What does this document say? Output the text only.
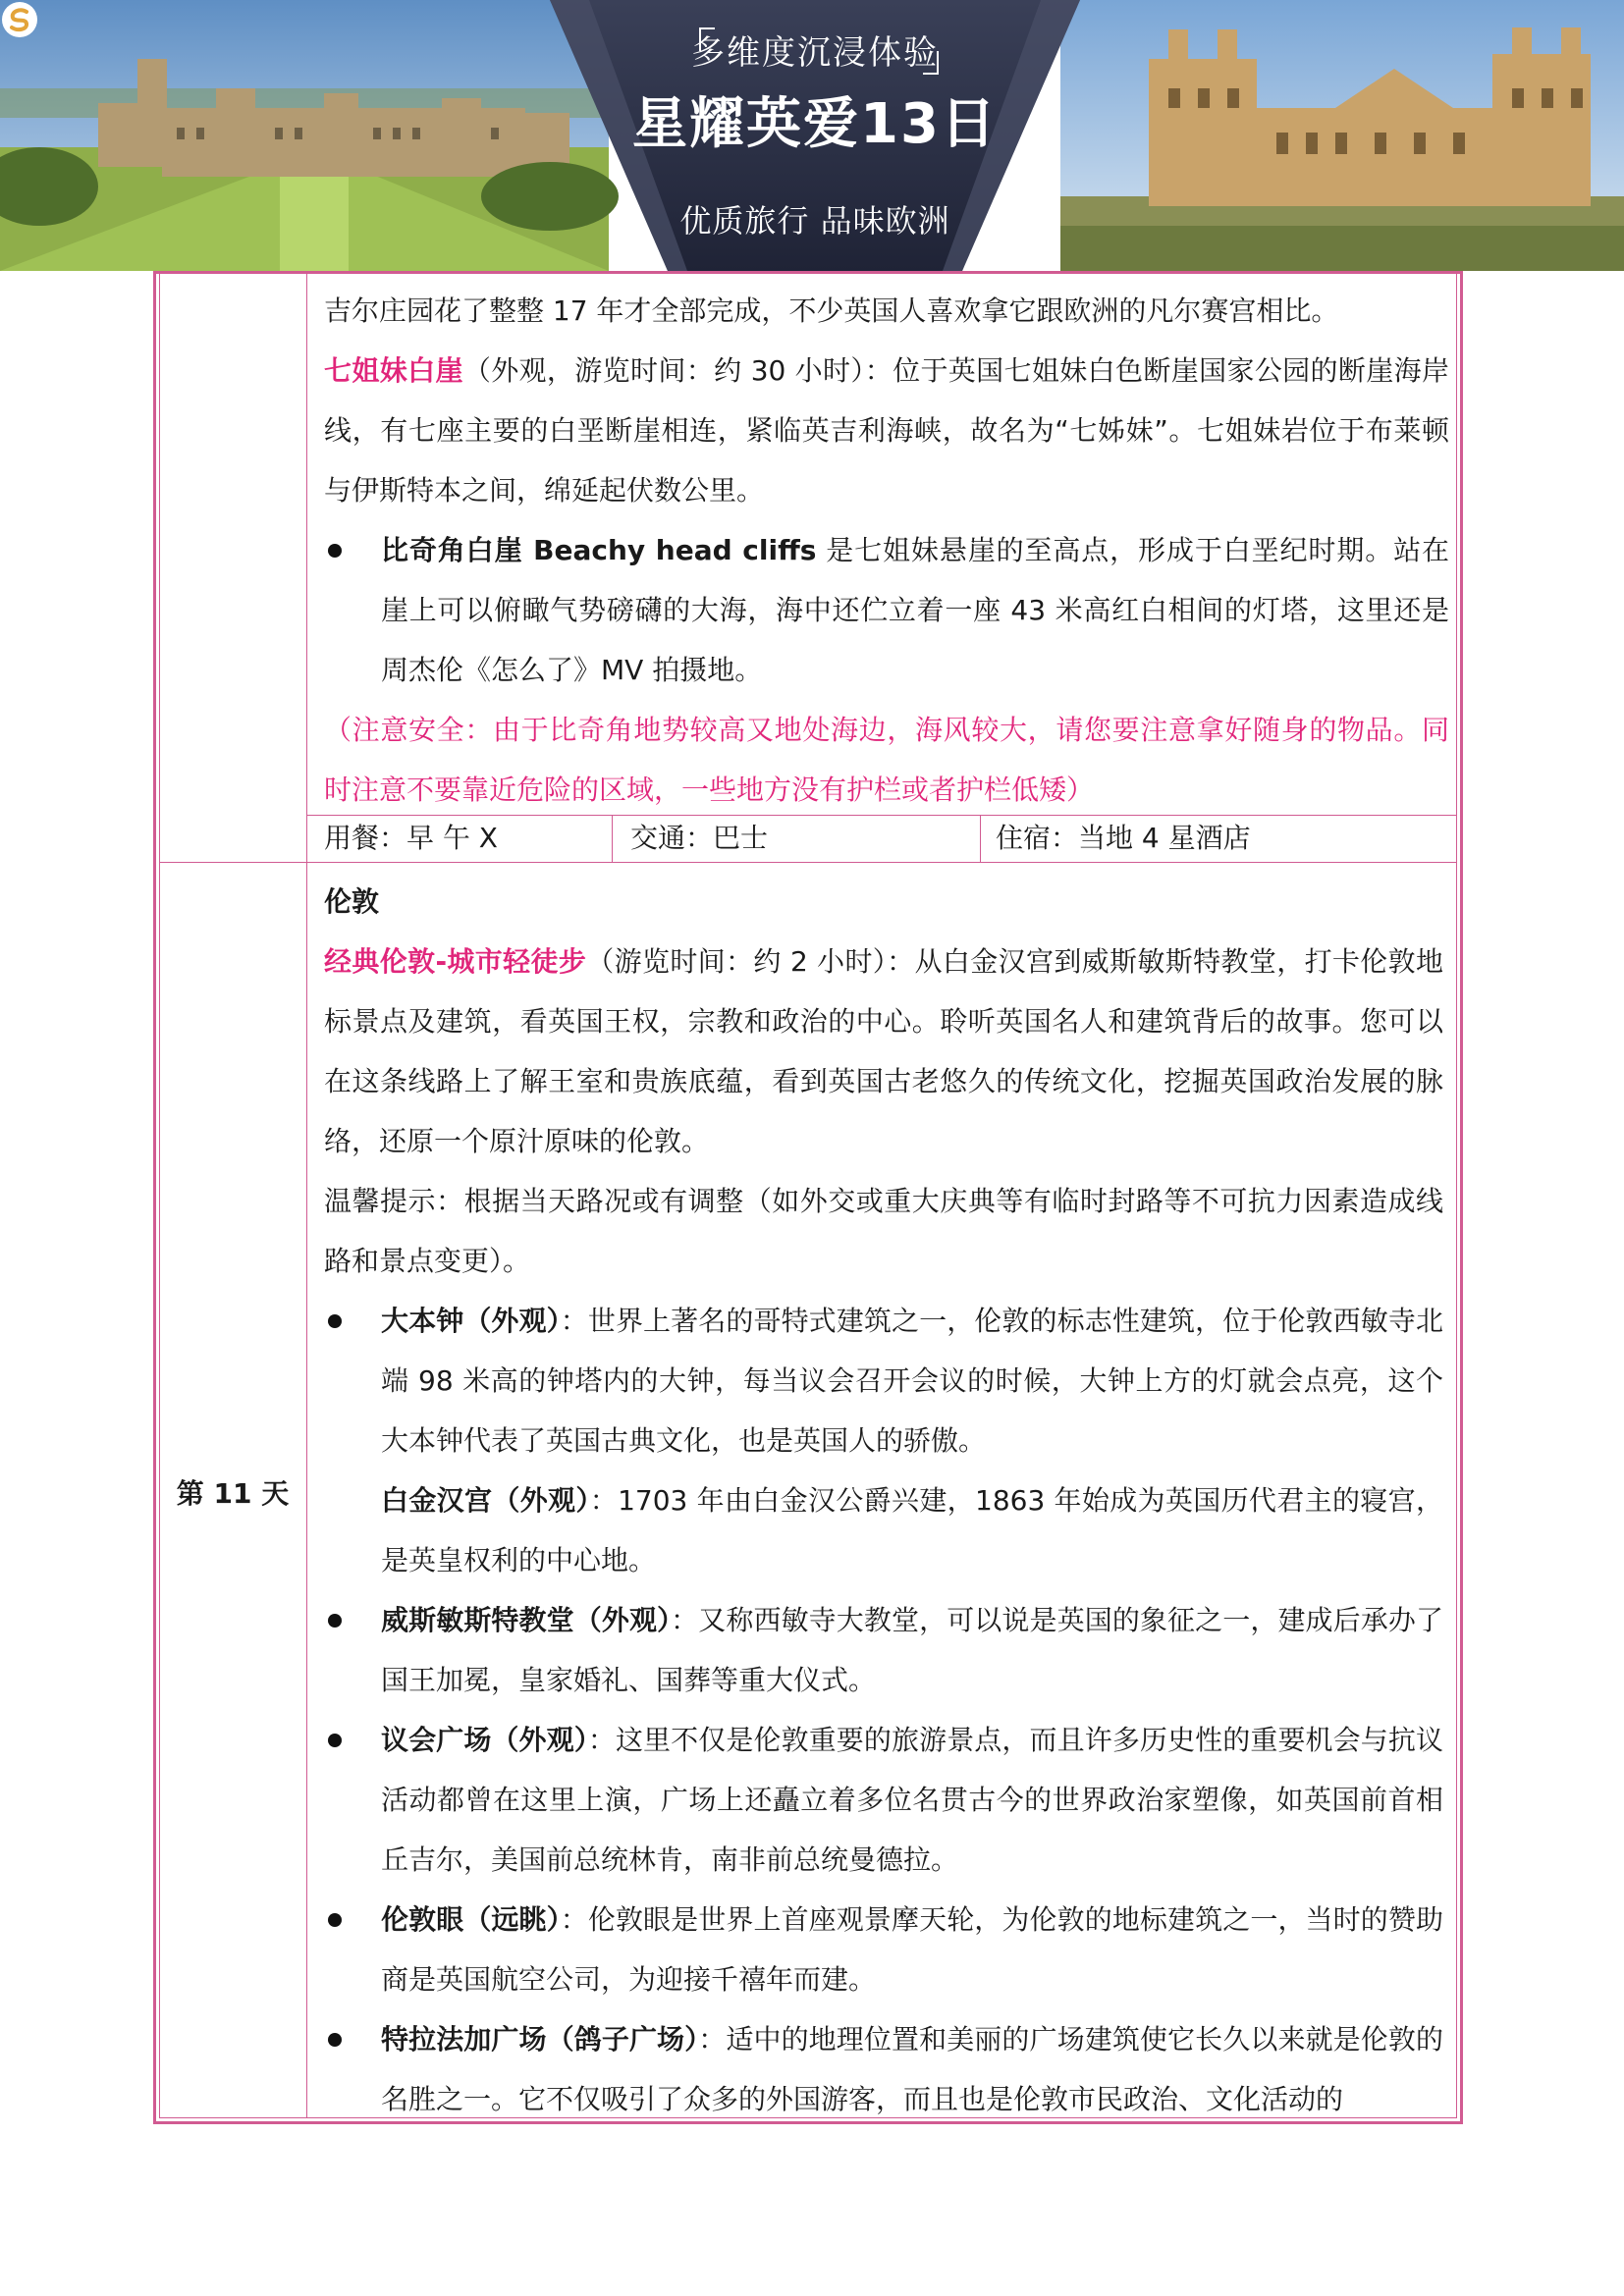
多维度沉浸体验
星耀英爱13日
优质旅行 品味欧洲

吉尔庄园花了整整 17 年才全部完成，不少英国人喜欢拿它跟欧洲的凡尔赛宫相比。

七姐妹白崖（外观，游览时间：约 30 小时）：位于英国七姐妹白色断崖国家公园的断崖海岸线，有七座主要的白垩断崖相连，紧临英吉利海峡，故名为“七姊妹”。七姐妹岩位于布莱顿与伊斯特本之间，绵延起伏数公里。

比奇角白崖 Beachy head cliffs 是七姐妹悬崖的至高点，形成于白垩纪时期。站在崖上可以俯瞰气势磅礴的大海，海中还伫立着一座 43 米高红白相间的灯塔，这里还是周杰伦《怎么了》MV 拍摄地。

（注意安全：由于比奇角地势较高又地处海边，海风较大，请您要注意拿好随身的物品。同时注意不要靠近危险的区域，一些地方没有护栏或者护栏低矮）

用餐：早 午 X	交通：巴士	住宿：当地 4 星酒店
第 11 天

伦敦

经典伦敦-城市轻徒步（游览时间：约 2 小时）：从白金汉宫到威斯敏斯特教堂，打卡伦敦地标景点及建筑，看英国王权，宗教和政治的中心。聆听英国名人和建筑背后的故事。您可以在这条线路上了解王室和贵族底蕴，看到英国古老悠久的传统文化，挖掘英国政治发展的脉络，还原一个原汁原味的伦敦。

温馨提示：根据当天路况或有调整（如外交或重大庆典等有临时封路等不可抗力因素造成线路和景点变更）。

大本钟（外观）：世界上著名的哥特式建筑之一，伦敦的标志性建筑，位于伦敦西敏寺北端 98 米高的钟塔内的大钟，每当议会召开会议的时候，大钟上方的灯就会点亮，这个大本钟代表了英国古典文化，也是英国人的骄傲。

白金汉宫（外观）：1703 年由白金汉公爵兴建，1863 年始成为英国历代君主的寝宫，是英皇权利的中心地。

威斯敏斯特教堂（外观）：又称西敏寺大教堂，可以说是英国的象征之一，建成后承办了国王加冕，皇家婚礼、国葬等重大仪式。

议会广场（外观）：这里不仅是伦敦重要的旅游景点，而且许多历史性的重要机会与抗议活动都曾在这里上演，广场上还矗立着多位名贯古今的世界政治家塑像，如英国前首相丘吉尔，美国前总统林肯，南非前总统曼德拉。

伦敦眼（远眺）：伦敦眼是世界上首座观景摩天轮，为伦敦的地标建筑之一，当时的赞助商是英国航空公司，为迎接千禧年而建。

特拉法加广场（鸽子广场）：适中的地理位置和美丽的广场建筑使它长久以来就是伦敦的名胜之一。它不仅吸引了众多的外国游客，而且也是伦敦市民政治、文化活动的
